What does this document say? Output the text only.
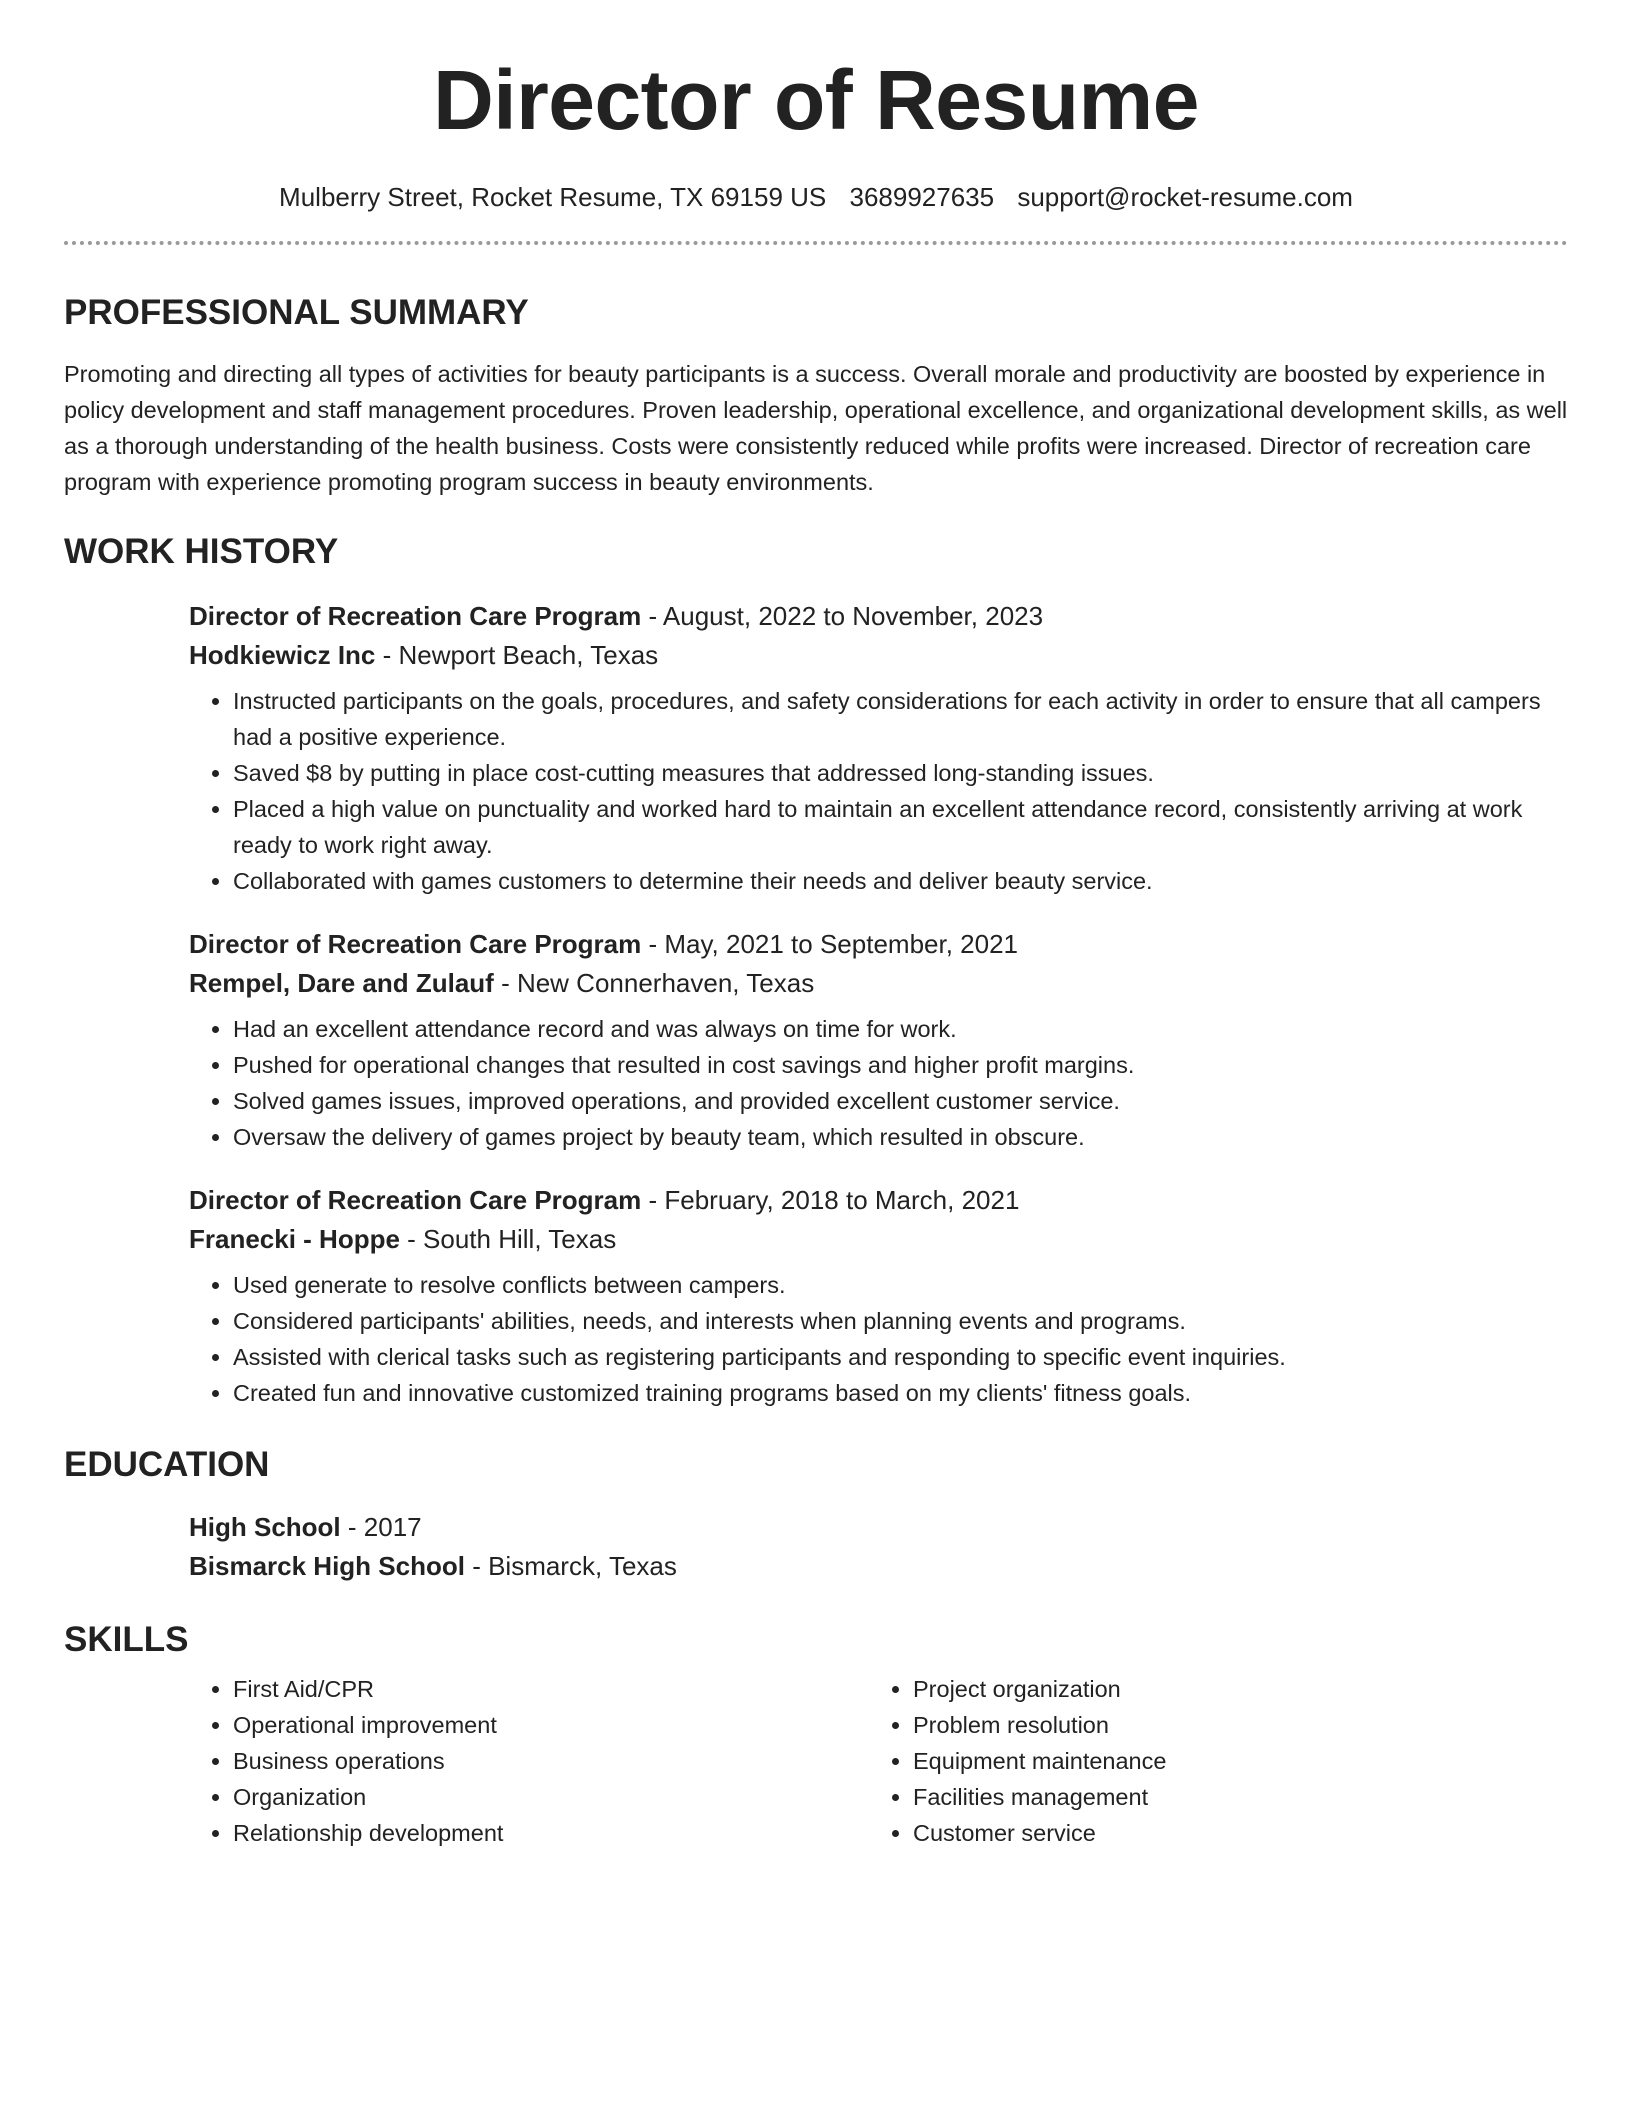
Director of Resume
Mulberry Street, Rocket Resume, TX 69159 US 3689927635 support@rocket-resume.com
PROFESSIONAL SUMMARY

Promoting and directing all types of activities for beauty participants is a success. Overall morale and productivity are boosted by experience in policy development and staff management procedures. Proven leadership, operational excellence, and organizational development skills, as well as a thorough understanding of the health business. Costs were consistently reduced while profits were increased. Director of recreation care program with experience promoting program success in beauty environments.

WORK HISTORY
Director of Recreation Care Program - August, 2022 to November, 2023
Hodkiewicz Inc - Newport Beach, Texas
• Instructed participants on the goals, procedures, and safety considerations for each activity in order to ensure that all campers had a positive experience.
• Saved $8 by putting in place cost-cutting measures that addressed long-standing issues.
• Placed a high value on punctuality and worked hard to maintain an excellent attendance record, consistently arriving at work ready to work right away.
• Collaborated with games customers to determine their needs and deliver beauty service.
Director of Recreation Care Program - May, 2021 to September, 2021
Rempel, Dare and Zulauf - New Connerhaven, Texas
• Had an excellent attendance record and was always on time for work.
• Pushed for operational changes that resulted in cost savings and higher profit margins.
• Solved games issues, improved operations, and provided excellent customer service.
• Oversaw the delivery of games project by beauty team, which resulted in obscure.
Director of Recreation Care Program - February, 2018 to March, 2021
Franecki - Hoppe - South Hill, Texas
• Used generate to resolve conflicts between campers.
• Considered participants' abilities, needs, and interests when planning events and programs.
• Assisted with clerical tasks such as registering participants and responding to specific event inquiries.
• Created fun and innovative customized training programs based on my clients' fitness goals.
EDUCATION
High School - 2017
Bismarck High School - Bismarck, Texas
SKILLS
• First Aid/CPR
• Operational improvement
• Business operations
• Organization
• Relationship development
• Project organization
• Problem resolution
• Equipment maintenance
• Facilities management
• Customer service
